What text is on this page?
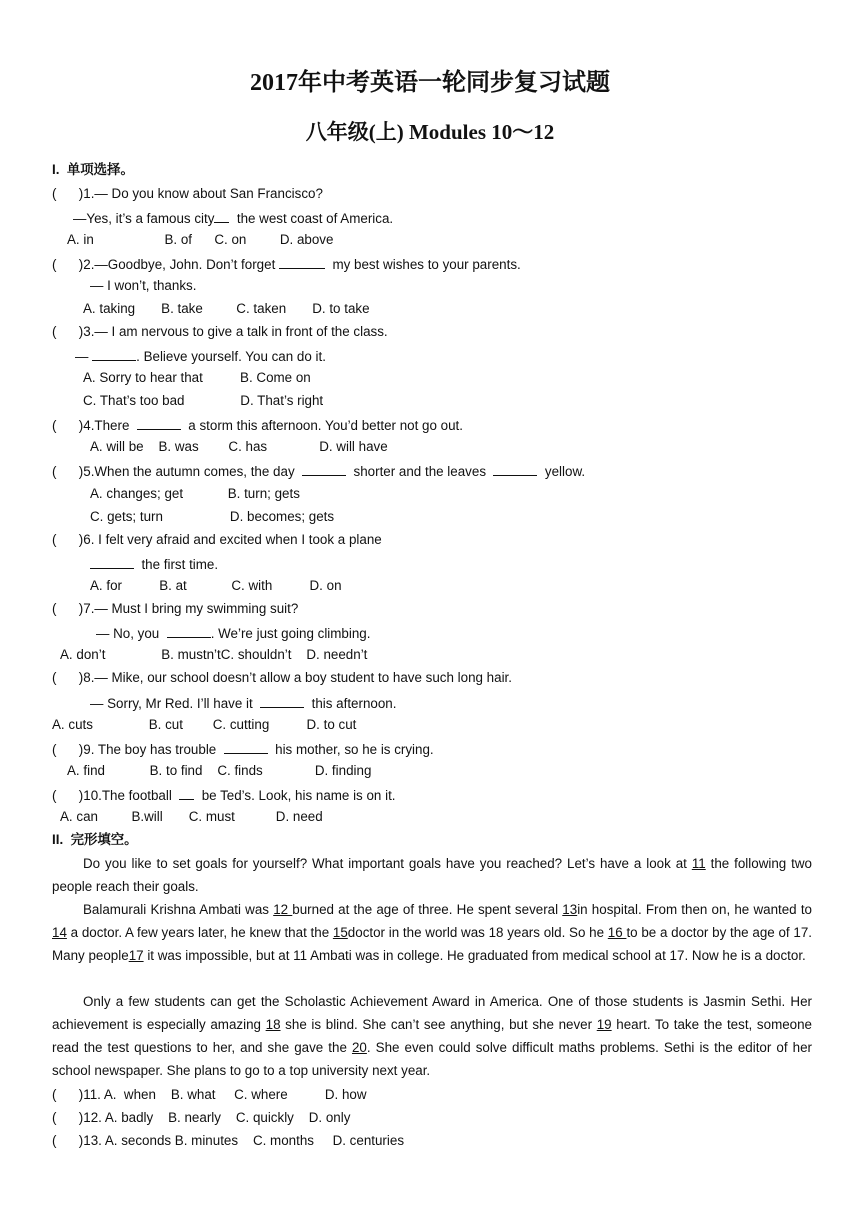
2017年中考英语一轮同步复习试题
八年级(上) Modules 10～12
I.  单项选择。
(      )1.— Do you know about San Francisco?
—Yes, it’s a famous city  the west coast of America.
A. in                   B. of      C. on         D. above
(      )2.—Goodbye, John. Don’t forget	my best wishes to your parents.
— I won’t, thanks.
A. taking       B. take         C. taken       D. to take
(      )3.— I am nervous to give a talk in front of the class.
—	. Believe yourself. You can do it.
A. Sorry to hear that          B. Come on
C. That’s too bad               D. That’s right
(      )4.There	a storm this afternoon. You’d better not go out.
A. will be    B. was        C. has              D. will have
(      )5.When the autumn comes, the day	shorter and the leaves	yellow.
A. changes; get            B. turn; gets
C. gets; turn                  D. becomes; gets
(      )6. I felt very afraid and excited when I took a plane
the first time.
A. for          B. at            C. with          D. on
(      )7.— Must I bring my swimming suit?
— No, you	. We’re just going climbing.
A. don’t               B. mustn’tC. shouldn’t    D. needn’t
(      )8.— Mike, our school doesn’t allow a boy student to have such long hair.
— Sorry, Mr Red. I’ll have it	this afternoon.
A. cuts               B. cut        C. cutting          D. to cut
(      )9. The boy has trouble	his mother, so he is crying.
A. find            B. to find    C. finds              D. finding
(      )10.The football    be Ted’s. Look, his name is on it.
A. can         B.will       C. must           D. need
II.  完形填空。
Do you like to set goals for yourself? What important goals have you reached? Let’s have a look at 11 the following two people reach their goals.
Balamurali Krishna Ambati was 12 burned at the age of three. He spent several 13in hospital. From then on, he wanted to 14 a doctor. A few years later, he knew that the 15doctor in the world was 18 years old. So he 16 to be a doctor by the age of 17. Many people17 it was impossible, but at 11 Ambati was in college. He graduated from medical school at 17. Now he is a doctor.
Only a few students can get the Scholastic Achievement Award in America. One of those students is Jasmin Sethi. Her achievement is especially amazing 18 she is blind. She can’t see anything, but she never 19 heart. To take the test, someone read the test questions to her, and she gave the 20. She even could solve difficult maths problems. Sethi is the editor of her school newspaper. She plans to go to a top university next year.
(      )11. A.  when    B. what     C. where          D. how
(      )12. A. badly    B. nearly    C. quickly    D. only
(      )13. A. seconds B. minutes    C. months     D. centuries
